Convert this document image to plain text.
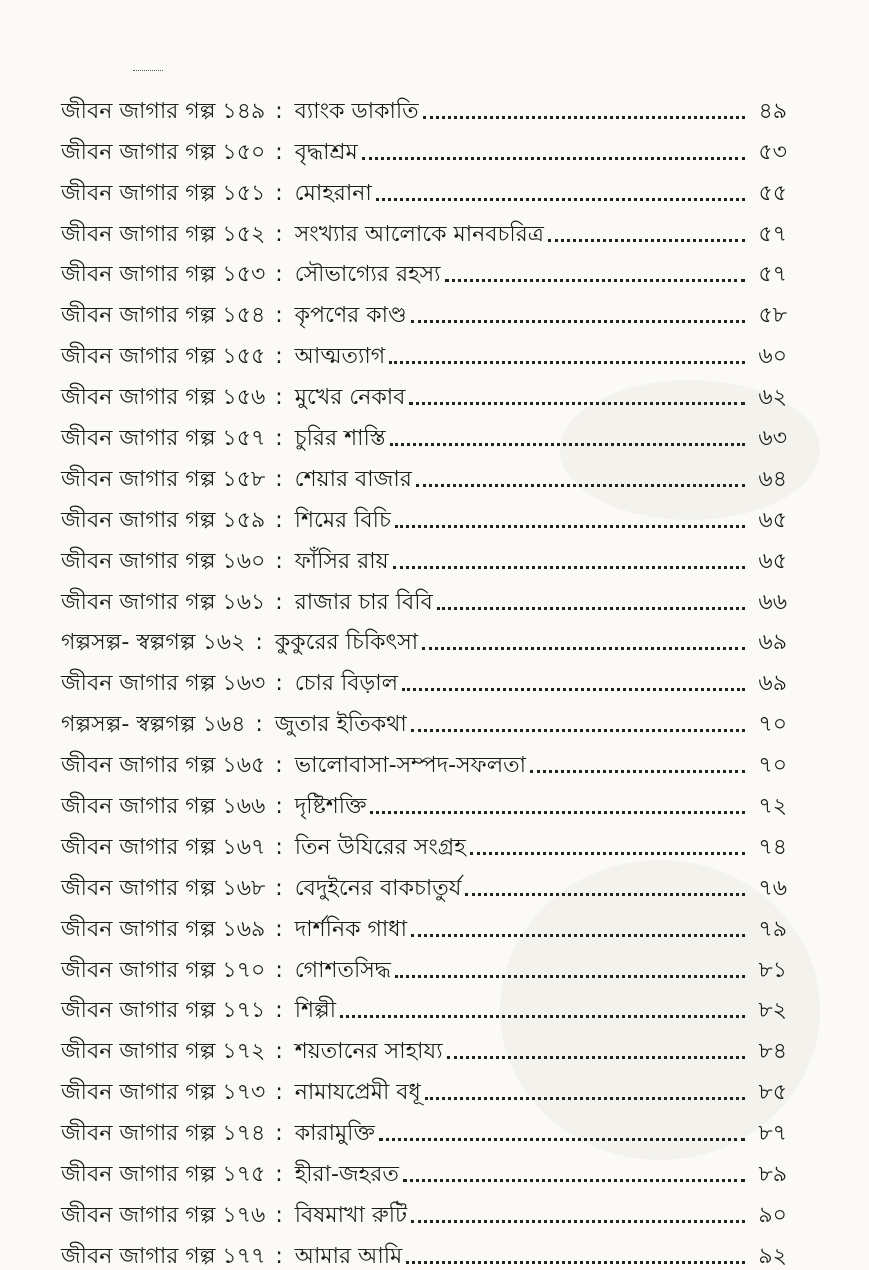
জীবন জাগার গল্প ১৪৯ : ব্যাংক ডাকাতি	৪৯
জীবন জাগার গল্প ১৫০ : বৃদ্ধাশ্রম	৫৩
জীবন জাগার গল্প ১৫১ : মোহরানা	৫৫
জীবন জাগার গল্প ১৫২ : সংখ্যার আলোকে মানবচরিত্র	৫৭
জীবন জাগার গল্প ১৫৩ : সৌভাগ্যের রহস্য	৫৭
জীবন জাগার গল্প ১৫৪ : কৃপণের কাণ্ড	৫৮
জীবন জাগার গল্প ১৫৫ : আত্মত্যাগ	৬০
জীবন জাগার গল্প ১৫৬ : মুখের নেকাব	৬২
জীবন জাগার গল্প ১৫৭ : চুরির শাস্তি	৬৩
জীবন জাগার গল্প ১৫৮ : শেয়ার বাজার	৬৪
জীবন জাগার গল্প ১৫৯ : শিমের বিচি	৬৫
জীবন জাগার গল্প ১৬০ : ফাঁসির রায়	৬৫
জীবন জাগার গল্প ১৬১ : রাজার চার বিবি	৬৬
গল্পসল্প- স্বল্পগল্প ১৬২ : কুকুরের চিকিৎসা	৬৯
জীবন জাগার গল্প ১৬৩ : চোর বিড়াল	৬৯
গল্পসল্প- স্বল্পগল্প ১৬৪ : জুতার ইতিকথা	৭০
জীবন জাগার গল্প ১৬৫ : ভালোবাসা-সম্পদ-সফলতা	৭০
জীবন জাগার গল্প ১৬৬ : দৃষ্টিশক্তি	৭২
জীবন জাগার গল্প ১৬৭ : তিন উযিরের সংগ্রহ	৭৪
জীবন জাগার গল্প ১৬৮ : বেদুইনের বাকচাতুর্য	৭৬
জীবন জাগার গল্প ১৬৯ : দার্শনিক গাধা	৭৯
জীবন জাগার গল্প ১৭০ : গোশতসিদ্ধ	৮১
জীবন জাগার গল্প ১৭১ : শিল্পী	৮২
জীবন জাগার গল্প ১৭২ : শয়তানের সাহায্য	৮৪
জীবন জাগার গল্প ১৭৩ : নামাযপ্রেমী বধূ	৮৫
জীবন জাগার গল্প ১৭৪ : কারামুক্তি	৮৭
জীবন জাগার গল্প ১৭৫ : হীরা-জহরত	৮৯
জীবন জাগার গল্প ১৭৬ : বিষমাখা রুটি	৯০
জীবন জাগার গল্প ১৭৭ : আমার আমি	৯২
